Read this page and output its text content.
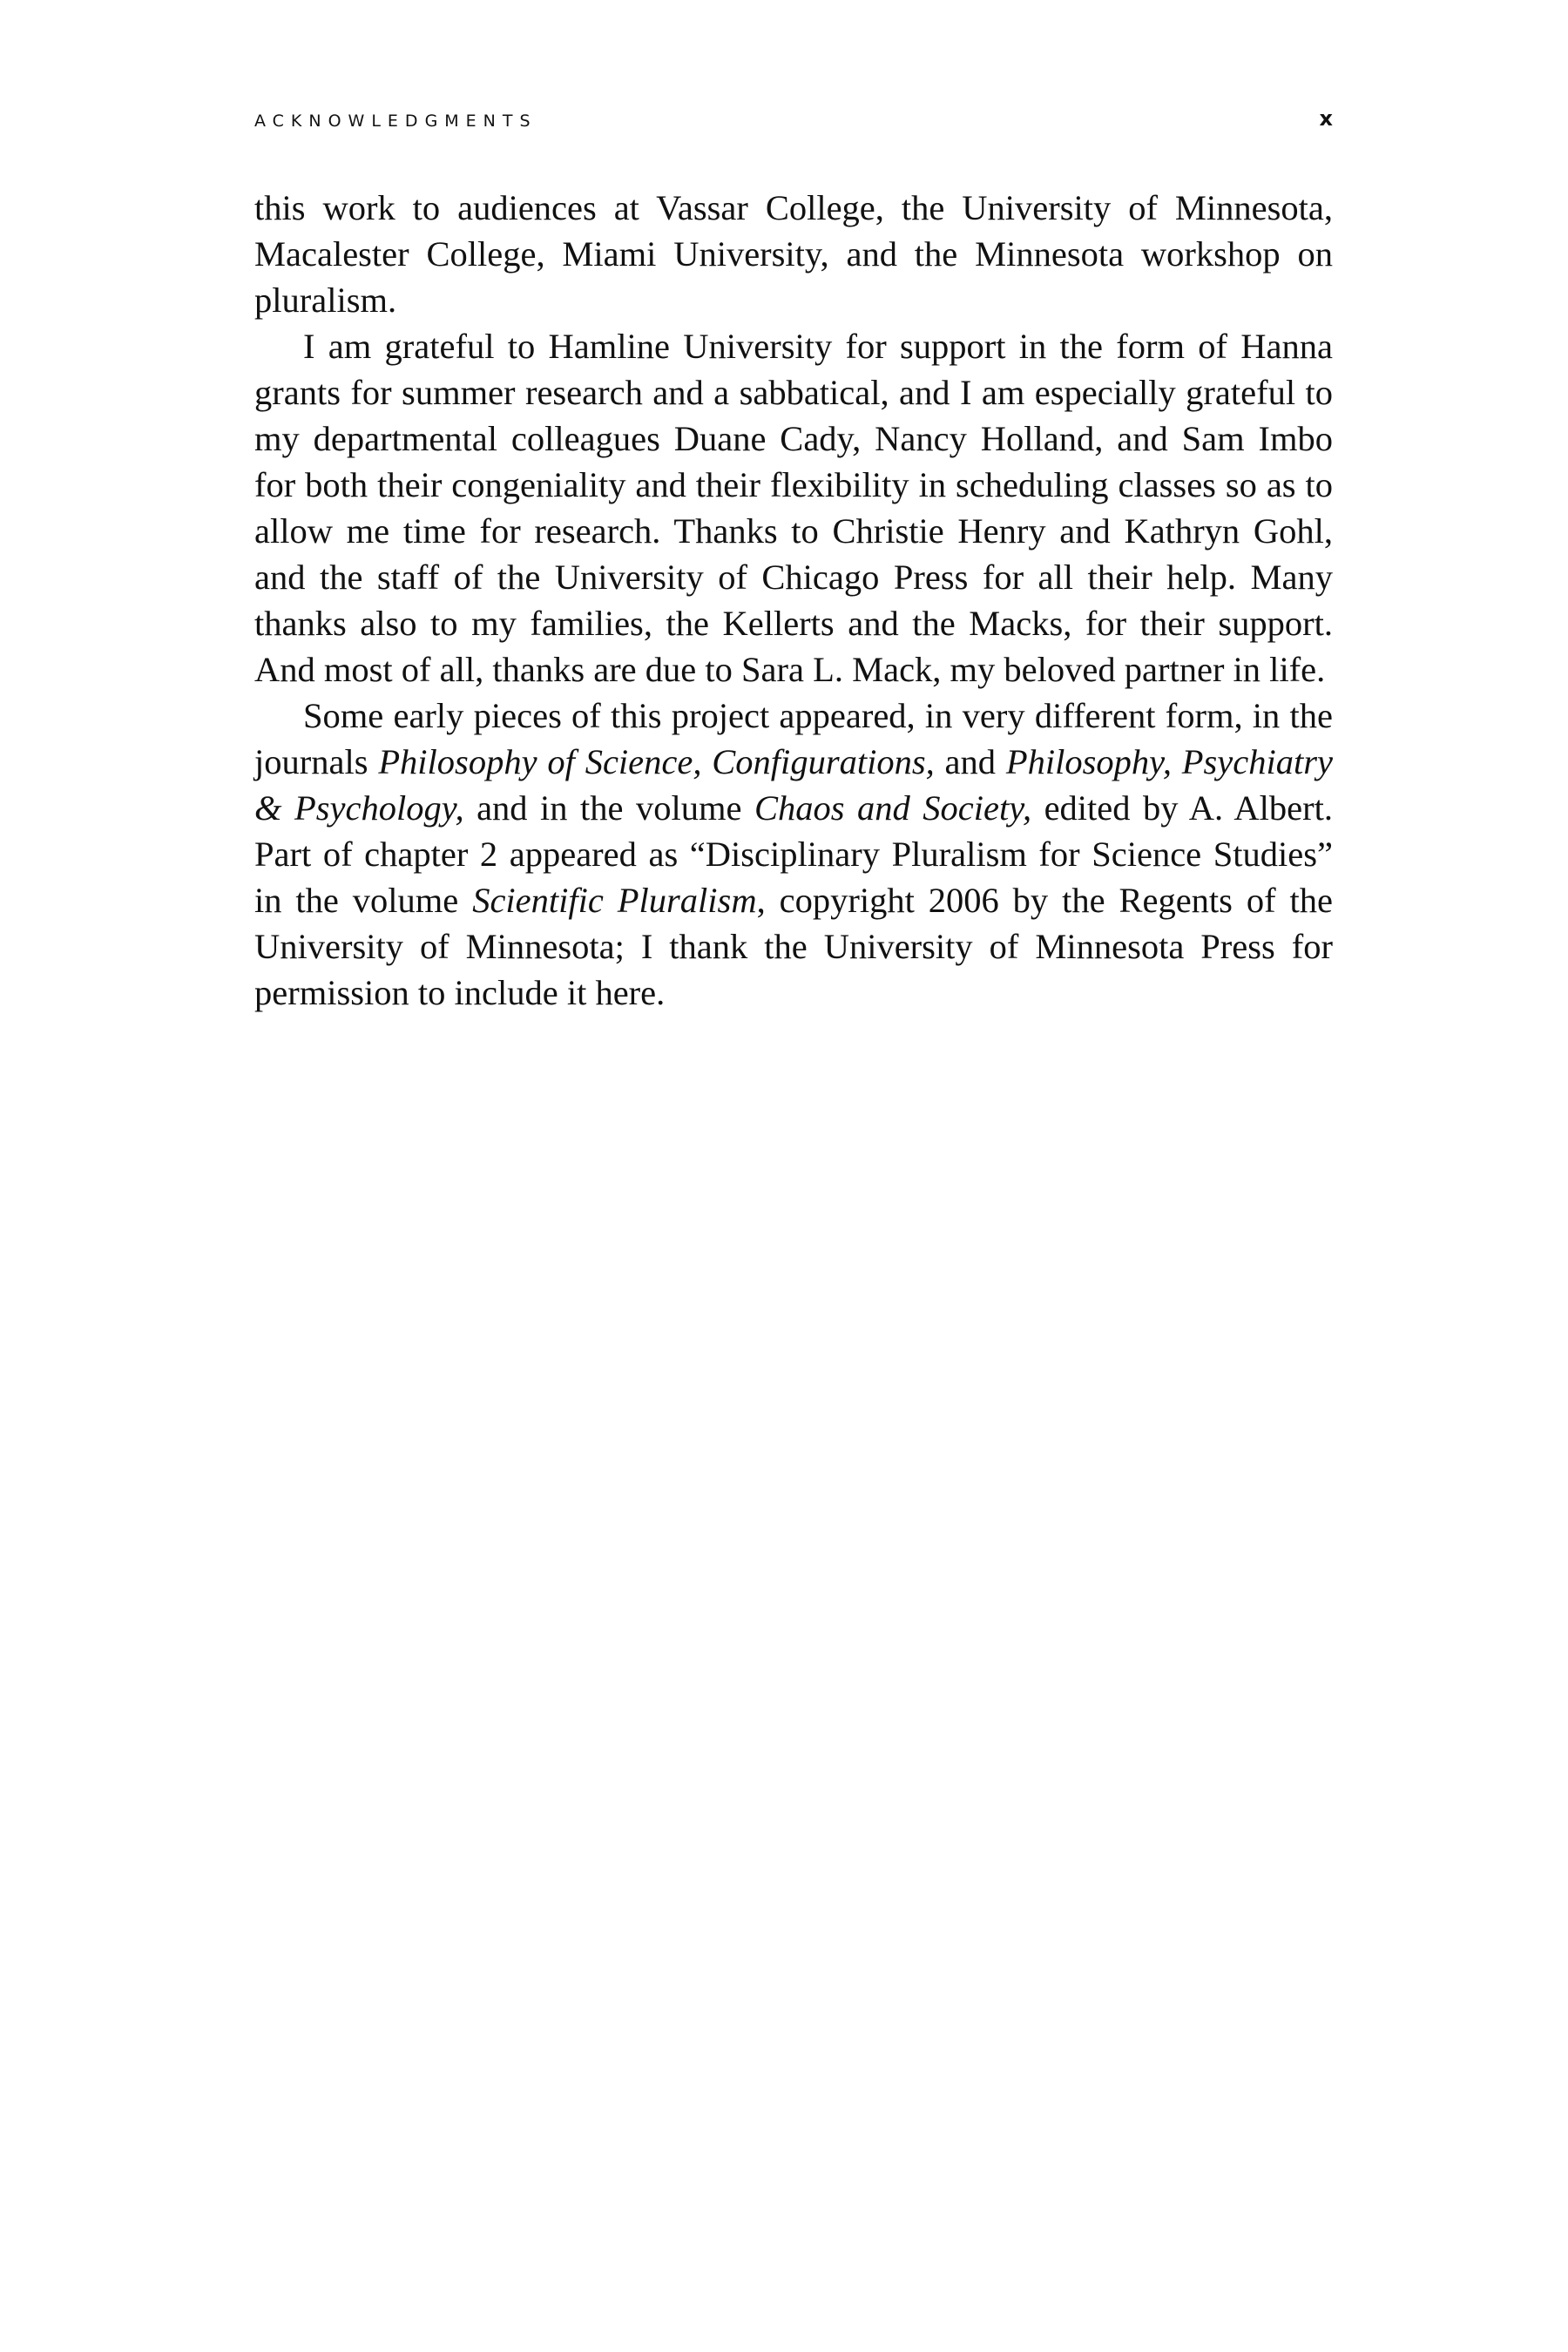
ACKNOWLEDGMENTS	x

this work to audiences at Vassar College, the University of Minnesota, Macalester College, Miami University, and the Minnesota workshop on pluralism.

I am grateful to Hamline University for support in the form of Hanna grants for summer research and a sabbatical, and I am especially grateful to my departmental colleagues Duane Cady, Nancy Holland, and Sam Imbo for both their congeniality and their flexibility in scheduling classes so as to allow me time for research. Thanks to Christie Henry and Kathryn Gohl, and the staff of the University of Chicago Press for all their help. Many thanks also to my families, the Kellerts and the Macks, for their support. And most of all, thanks are due to Sara L. Mack, my beloved partner in life.

Some early pieces of this project appeared, in very different form, in the journals Philosophy of Science, Configurations, and Philosophy, Psychiatry & Psychology, and in the volume Chaos and Society, edited by A. Albert. Part of chapter 2 appeared as “Disciplinary Pluralism for Science Studies” in the volume Scientific Pluralism, copyright 2006 by the Regents of the University of Minnesota; I thank the University of Minnesota Press for permission to include it here.
